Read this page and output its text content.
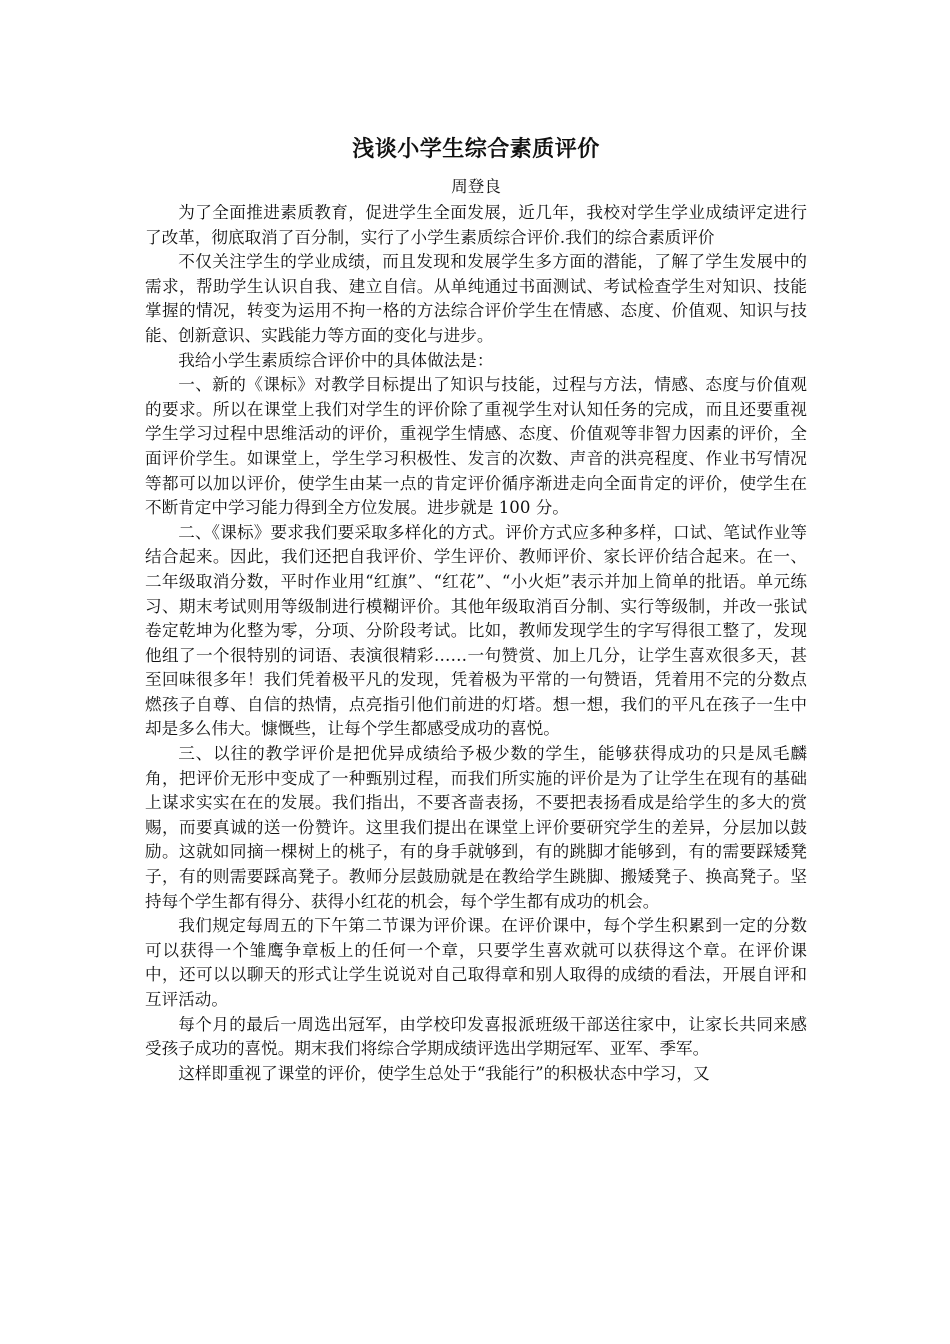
浅谈小学生综合素质评价
周登良

为了全面推进素质教育，促进学生全面发展，近几年，我校对学生学业成绩评定进行了改革，彻底取消了百分制，实行了小学生素质综合评价.我们的综合素质评价

不仅关注学生的学业成绩，而且发现和发展学生多方面的潜能，了解了学生发展中的需求，帮助学生认识自我、建立自信。从单纯通过书面测试、考试检查学生对知识、技能掌握的情况，转变为运用不拘一格的方法综合评价学生在情感、态度、价值观、知识与技能、创新意识、实践能力等方面的变化与进步。

我给小学生素质综合评价中的具体做法是：

一、新的《课标》对教学目标提出了知识与技能，过程与方法，情感、态度与价值观的要求。所以在课堂上我们对学生的评价除了重视学生对认知任务的完成，而且还要重视学生学习过程中思维活动的评价，重视学生情感、态度、价值观等非智力因素的评价，全面评价学生。如课堂上，学生学习积极性、发言的次数、声音的洪亮程度、作业书写情况等都可以加以评价，使学生由某一点的肯定评价循序渐进走向全面肯定的评价，使学生在不断肯定中学习能力得到全方位发展。进步就是 100 分。

二、《课标》要求我们要采取多样化的方式。评价方式应多种多样，口试、笔试作业等结合起来。因此，我们还把自我评价、学生评价、教师评价、家长评价结合起来。在一、二年级取消分数，平时作业用“红旗”、“红花”、“小火炬”表示并加上简单的批语。单元练习、期末考试则用等级制进行模糊评价。其他年级取消百分制、实行等级制，并改一张试卷定乾坤为化整为零，分项、分阶段考试。比如，教师发现学生的字写得很工整了，发现他组了一个很特别的词语、表演很精彩……一句赞赏、加上几分，让学生喜欢很多天，甚至回味很多年！我们凭着极平凡的发现，凭着极为平常的一句赞语，凭着用不完的分数点燃孩子自尊、自信的热情，点亮指引他们前进的灯塔。想一想，我们的平凡在孩子一生中却是多么伟大。慷慨些，让每个学生都感受成功的喜悦。

三、以往的教学评价是把优异成绩给予极少数的学生，能够获得成功的只是凤毛麟角，把评价无形中变成了一种甄别过程，而我们所实施的评价是为了让学生在现有的基础上谋求实实在在的发展。我们指出，不要吝啬表扬，不要把表扬看成是给学生的多大的赏赐，而要真诚的送一份赞许。这里我们提出在课堂上评价要研究学生的差异，分层加以鼓励。这就如同摘一棵树上的桃子，有的身手就够到，有的跳脚才能够到，有的需要踩矮凳子，有的则需要踩高凳子。教师分层鼓励就是在教给学生跳脚、搬矮凳子、换高凳子。坚持每个学生都有得分、获得小红花的机会，每个学生都有成功的机会。

我们规定每周五的下午第二节课为评价课。在评价课中，每个学生积累到一定的分数可以获得一个雏鹰争章板上的任何一个章，只要学生喜欢就可以获得这个章。在评价课中，还可以以聊天的形式让学生说说对自己取得章和别人取得的成绩的看法，开展自评和互评活动。

每个月的最后一周选出冠军，由学校印发喜报派班级干部送往家中，让家长共同来感受孩子成功的喜悦。期末我们将综合学期成绩评选出学期冠军、亚军、季军。

这样即重视了课堂的评价，使学生总处于“我能行”的积极状态中学习，又
